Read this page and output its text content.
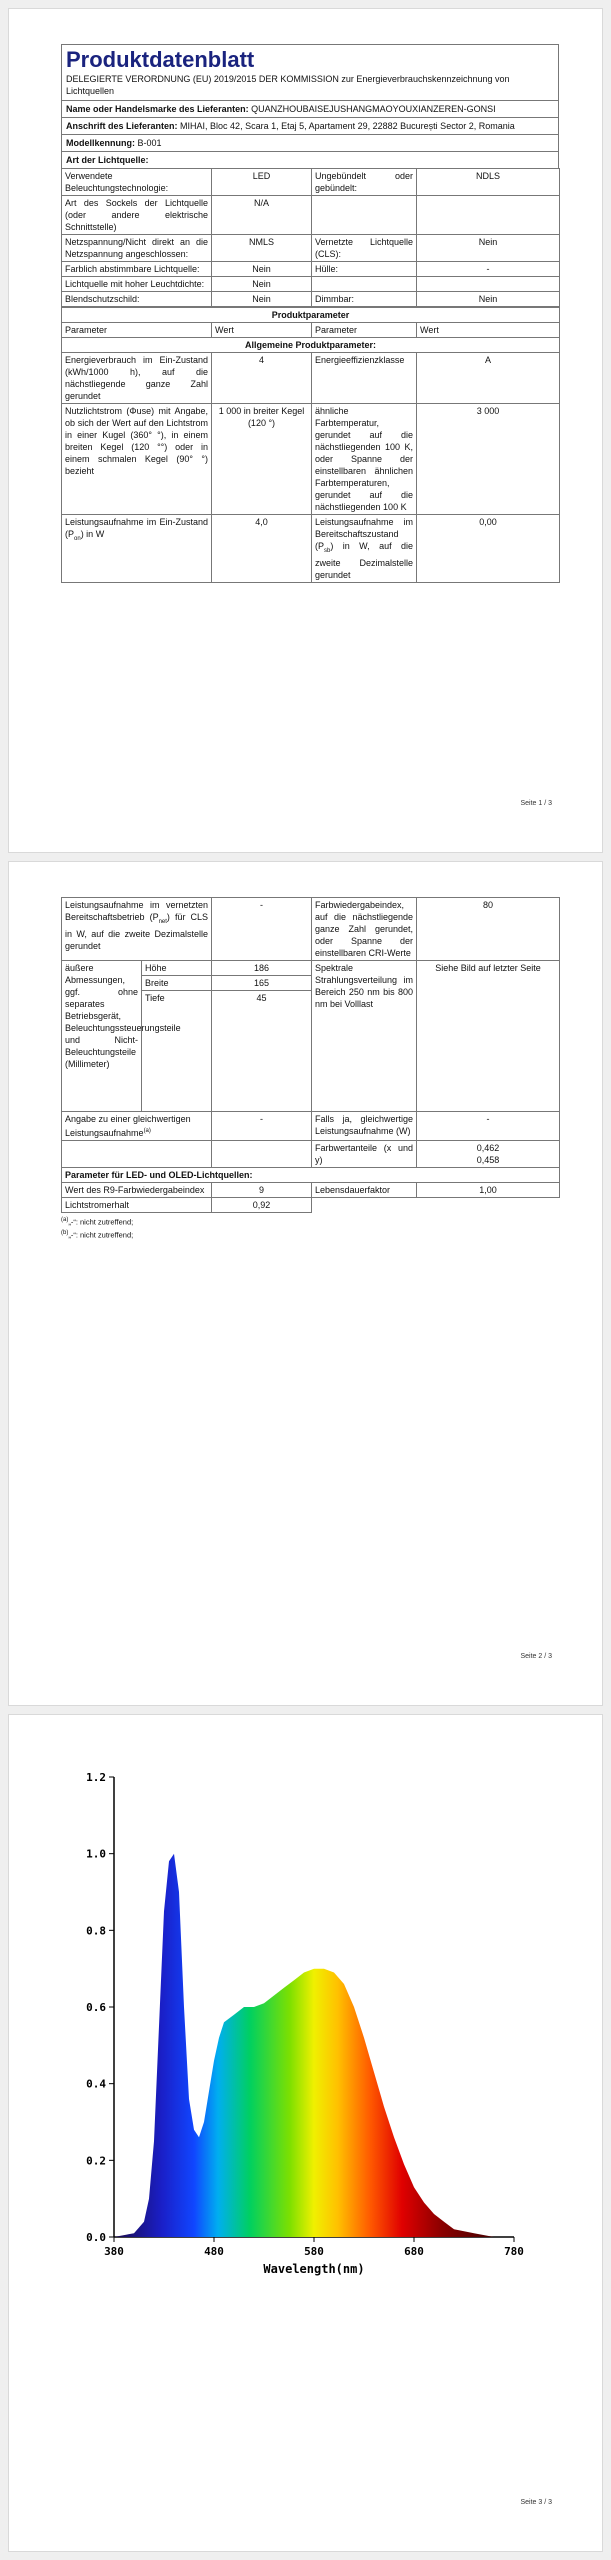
Produktdatenblatt
DELEGIERTE VERORDNUNG (EU) 2019/2015 DER KOMMISSION zur Energieverbrauchskennzeichnung von Lichtquellen
Name oder Handelsmarke des Lieferanten: QUANZHOUBAISEJUSHANGMAOYOUXIANZEREN-GONSI
Anschrift des Lieferanten: MIHAI, Bloc 42, Scara 1, Etaj 5, Apartament 29, 22882 București Sector 2, Romania
Modellkennung: B-001
Art der Lichtquelle:
Verwendete Beleuchtungstechnologie:	LED	Ungebündelt oder gebündelt:	NDLS
Art des Sockels der Lichtquelle (oder andere elektrische Schnittstelle)	N/A		
Netzspannung/Nicht direkt an die Netzspannung angeschlossen:	NMLS	Vernetzte Lichtquelle (CLS):	Nein
Farblich abstimmbare Lichtquelle:	Nein	Hülle:	-
Lichtquelle mit hoher Leuchtdichte:	Nein		
Blendschutzschild:	Nein	Dimmbar:	Nein
Produktparameter			
Parameter	Wert	Parameter	Wert
Allgemeine Produktparameter:			
Energieverbrauch im Ein-Zustand (kWh/1000 h), auf die nächstliegende ganze Zahl gerundet	4	Energieeffizienzklasse	A
Nutzlichtstrom (Φuse) mit Angabe, ob sich der Wert auf den Lichtstrom in einer Kugel (360° °), in einem breiten Kegel (120 °°) oder in einem schmalen Kegel (90° °) bezieht	1 000 in breiter Kegel (120 °)	ähnliche Farbtemperatur, gerundet auf die nächstliegenden 100 K, oder Spanne der einstellbaren ähnlichen Farbtemperaturen, gerundet auf die nächstliegenden 100 K	3 000
Leistungsaufnahme im Ein-Zustand $(P_{on})$ in W	4,0	Leistungsaufnahme im Bereitschaftszustand $(P_{sb})$ in W, auf die zweite Dezimalstelle gerundet	0,00
Seite 1 / 3
Leistungsaufnahme im vernetzten Bereitschaftsbetrieb $(P_{net})$ für CLS in W, auf die zweite Dezimalstelle gerundet		-	Farbwiedergabeindex, auf die nächstliegende ganze Zahl gerundet, oder Spanne der einstellbaren CRI-Werte	80
äußere Abmessungen, ggf. ohne separates Betriebsgerät, Beleuchtungssteuerungsteile und Nicht-Beleuchtungsteile (Millimeter)	Höhe	186	Spektrale Strahlungsverteilung im Bereich 250 nm bis 800 nm bei Volllast	Siehe Bild auf letzter Seite
	Breite	165		
	Tiefe	45		
Angabe zu einer gleichwertigen Leistungsaufnahme$^{(a)}$		-	Falls ja, gleichwertige Leistungsaufnahme (W)	-
			Farbwertanteile (x und y)	0,462
0,458

Parameter für LED- und OLED-Lichtquellen:				
Wert des R9-Farbwiedergabeindex		9	Lebensdauerfaktor	1,00
Lichtstromerhalt		0,92		
$^{(a)}$„-“: nicht zutreffend;
$^{(b)}$„-“: nicht zutreffend;
Seite 2 / 3
0.0
0.2
0.4
0.6
0.8
1.0
1.2
380	480	580	680	780
Wavelength(nm)
Seite 3 / 3
